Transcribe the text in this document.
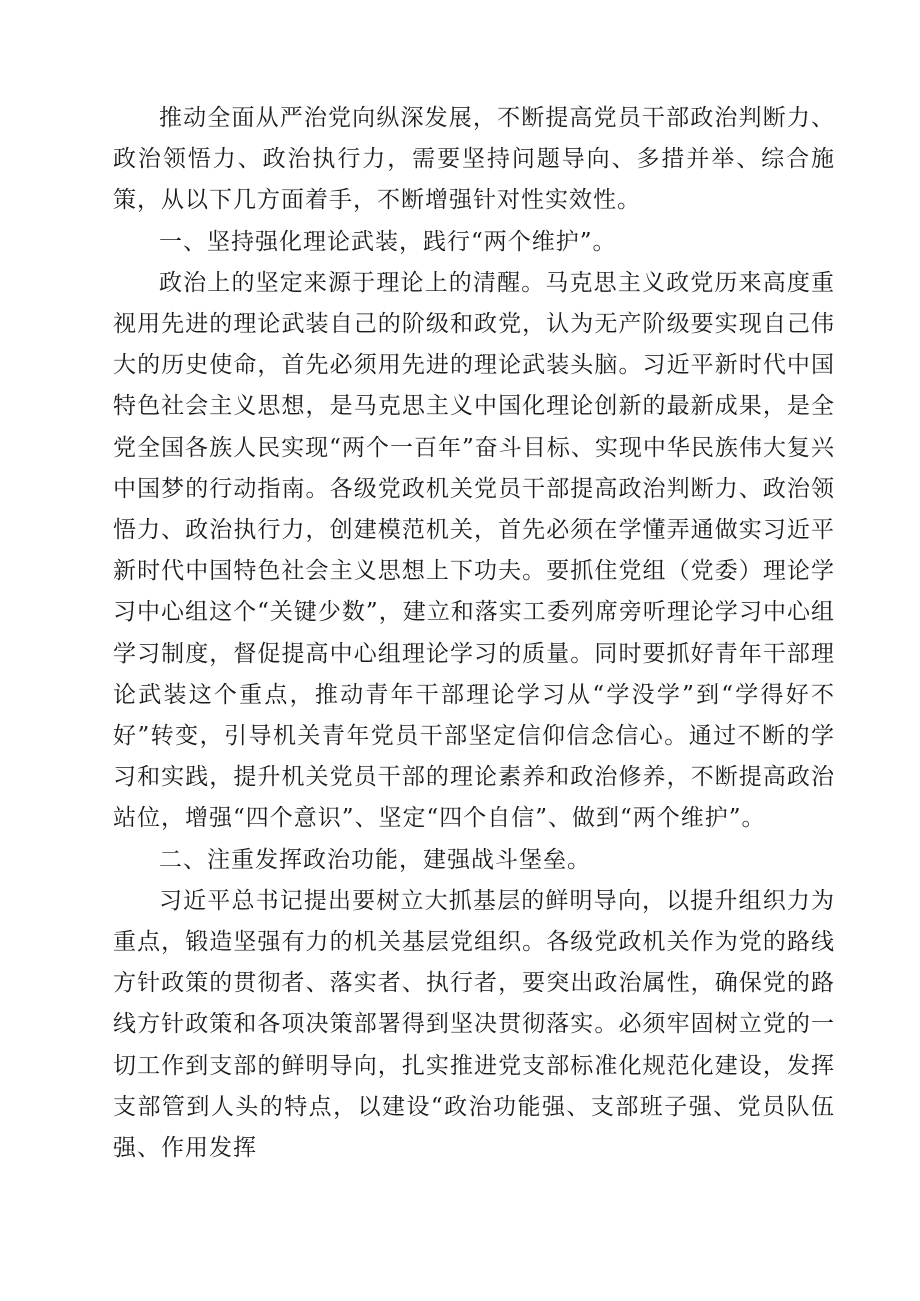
推动全面从严治党向纵深发展，不断提高党员干部政治判断力、政治领悟力、政治执行力，需要坚持问题导向、多措并举、综合施策，从以下几方面着手，不断增强针对性实效性。

一、坚持强化理论武装，践行“两个维护”。

政治上的坚定来源于理论上的清醒。马克思主义政党历来高度重视用先进的理论武装自己的阶级和政党，认为无产阶级要实现自己伟大的历史使命，首先必须用先进的理论武装头脑。习近平新时代中国特色社会主义思想，是马克思主义中国化理论创新的最新成果，是全党全国各族人民实现“两个一百年”奋斗目标、实现中华民族伟大复兴中国梦的行动指南。各级党政机关党员干部提高政治判断力、政治领悟力、政治执行力，创建模范机关，首先必须在学懂弄通做实习近平新时代中国特色社会主义思想上下功夫。要抓住党组（党委）理论学习中心组这个“关键少数”，建立和落实工委列席旁听理论学习中心组学习制度，督促提高中心组理论学习的质量。同时要抓好青年干部理论武装这个重点，推动青年干部理论学习从“学没学”到“学得好不好”转变，引导机关青年党员干部坚定信仰信念信心。通过不断的学习和实践，提升机关党员干部的理论素养和政治修养，不断提高政治站位，增强“四个意识”、坚定“四个自信”、做到“两个维护”。

二、注重发挥政治功能，建强战斗堡垒。

习近平总书记提出要树立大抓基层的鲜明导向，以提升组织力为重点，锻造坚强有力的机关基层党组织。各级党政机关作为党的路线方针政策的贯彻者、落实者、执行者，要突出政治属性，确保党的路线方针政策和各项决策部署得到坚决贯彻落实。必须牢固树立党的一切工作到支部的鲜明导向，扎实推进党支部标准化规范化建设，发挥支部管到人头的特点，以建设“政治功能强、支部班子强、党员队伍强、作用发挥
